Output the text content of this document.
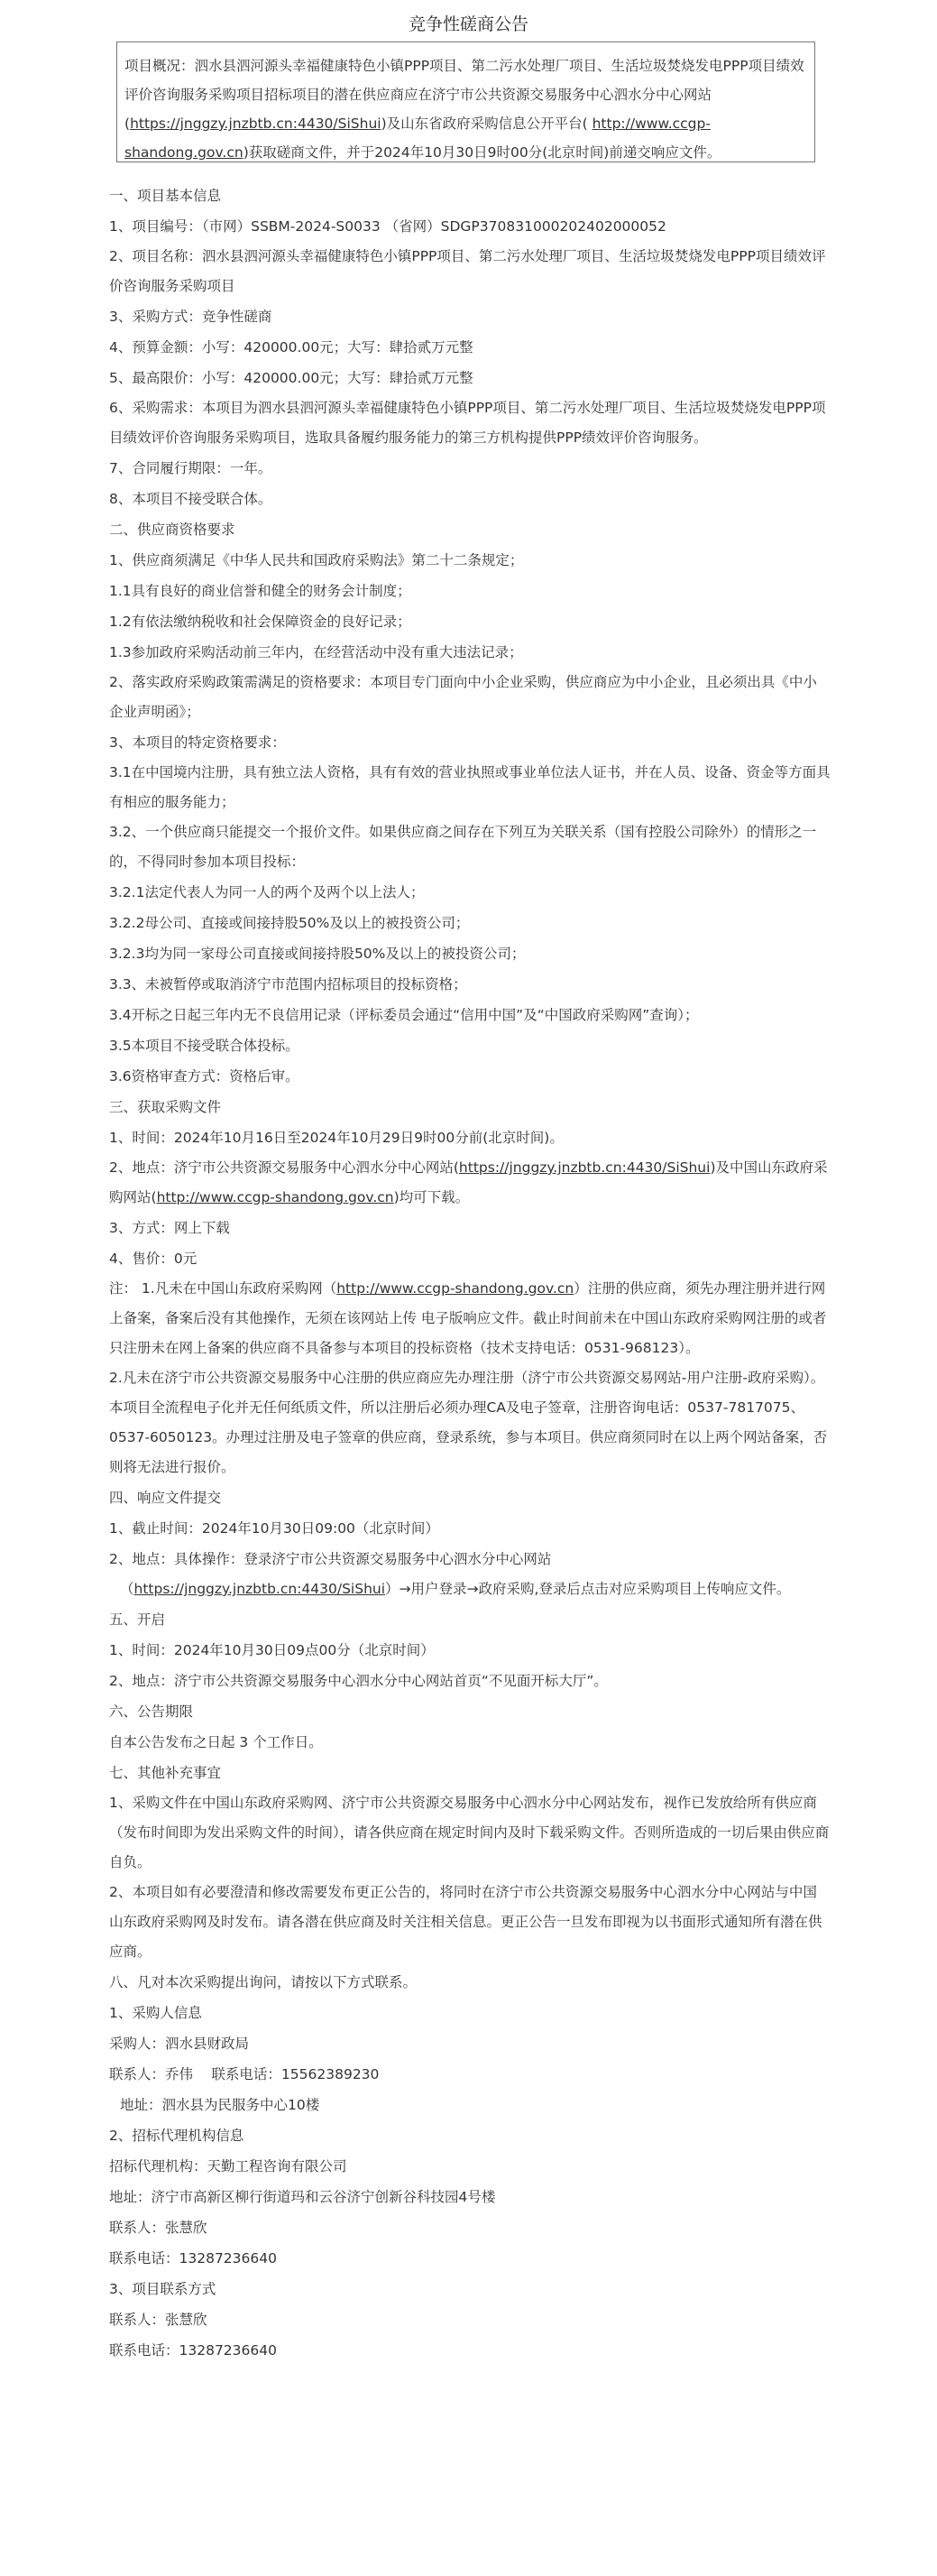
竞争性磋商公告
项目概况：泗水县泗河源头幸福健康特色小镇PPP项目、第二污水处理厂项目、生活垃圾焚烧发电PPP项目绩效评价咨询服务采购项目招标项目的潜在供应商应在济宁市公共资源交易服务中心泗水分中心网站(https://jnggzy.jnzbtb.cn:4430/SiShui)及山东省政府采购信息公开平台( http://www.ccgp-shandong.gov.cn)获取磋商文件，并于2024年10月30日9时00分(北京时间)前递交响应文件。

一、项目基本信息

1、项目编号：（市网）SSBM-2024-S0033 （省网）SDGP370831000202402000052

2、项目名称：泗水县泗河源头幸福健康特色小镇PPP项目、第二污水处理厂项目、生活垃圾焚烧发电PPP项目绩效评价咨询服务采购项目

3、采购方式：竞争性磋商

4、预算金额：小写：420000.00元；大写：肆拾贰万元整

5、最高限价：小写：420000.00元；大写：肆拾贰万元整

6、采购需求：本项目为泗水县泗河源头幸福健康特色小镇PPP项目、第二污水处理厂项目、生活垃圾焚烧发电PPP项目绩效评价咨询服务采购项目，选取具备履约服务能力的第三方机构提供PPP绩效评价咨询服务。

7、合同履行期限：一年。

8、本项目不接受联合体。

二、供应商资格要求

1、供应商须满足《中华人民共和国政府采购法》第二十二条规定；

1.1具有良好的商业信誉和健全的财务会计制度；

1.2有依法缴纳税收和社会保障资金的良好记录；

1.3参加政府采购活动前三年内，在经营活动中没有重大违法记录；

2、落实政府采购政策需满足的资格要求：本项目专门面向中小企业采购，供应商应为中小企业，且必须出具《中小企业声明函》；

3、本项目的特定资格要求：

3.1在中国境内注册，具有独立法人资格，具有有效的营业执照或事业单位法人证书，并在人员、设备、资金等方面具有相应的服务能力；

3.2、一个供应商只能提交一个报价文件。如果供应商之间存在下列互为关联关系（国有控股公司除外）的情形之一的，不得同时参加本项目投标：

3.2.1法定代表人为同一人的两个及两个以上法人；

3.2.2母公司、直接或间接持股50%及以上的被投资公司；

3.2.3均为同一家母公司直接或间接持股50%及以上的被投资公司；

3.3、未被暂停或取消济宁市范围内招标项目的投标资格；

3.4开标之日起三年内无不良信用记录（评标委员会通过“信用中国”及“中国政府采购网”查询）；

3.5本项目不接受联合体投标。

3.6资格审查方式：资格后审。

三、获取采购文件

1、时间：2024年10月16日至2024年10月29日9时00分前(北京时间)。

2、地点：济宁市公共资源交易服务中心泗水分中心网站(https://jnggzy.jnzbtb.cn:4430/SiShui)及中国山东政府采购网站(http://www.ccgp-shandong.gov.cn)均可下载。

3、方式：网上下载

4、售价：0元

注： 1.凡未在中国山东政府采购网（http://www.ccgp-shandong.gov.cn）注册的供应商，须先办理注册并进行网上备案，备案后没有其他操作，无须在该网站上传 电子版响应文件。截止时间前未在中国山东政府采购网注册的或者只注册未在网上备案的供应商不具备参与本项目的投标资格（技术支持电话：0531-968123）。

2.凡未在济宁市公共资源交易服务中心注册的供应商应先办理注册（济宁市公共资源交易网站-用户注册-政府采购）。本项目全流程电子化并无任何纸质文件，所以注册后必须办理CA及电子签章，注册咨询电话：0537-7817075、0537-6050123。办理过注册及电子签章的供应商，登录系统，参与本项目。供应商须同时在以上两个网站备案，否则将无法进行报价。

四、响应文件提交

1、截止时间：2024年10月30日09:00（北京时间）

2、地点：具体操作：登录济宁市公共资源交易服务中心泗水分中心网站

（https://jnggzy.jnzbtb.cn:4430/SiShui）→用户登录→政府采购,登录后点击对应采购项目上传响应文件。

五、开启

1、时间：2024年10月30日09点00分（北京时间）

2、地点：济宁市公共资源交易服务中心泗水分中心网站首页“不见面开标大厅”。

六、公告期限

自本公告发布之日起 3 个工作日。

七、其他补充事宜

1、采购文件在中国山东政府采购网、济宁市公共资源交易服务中心泗水分中心网站发布，视作已发放给所有供应商（发布时间即为发出采购文件的时间），请各供应商在规定时间内及时下载采购文件。否则所造成的一切后果由供应商自负。

2、本项目如有必要澄清和修改需要发布更正公告的，将同时在济宁市公共资源交易服务中心泗水分中心网站与中国山东政府采购网及时发布。请各潜在供应商及时关注相关信息。更正公告一旦发布即视为以书面形式通知所有潜在供应商。

八、凡对本次采购提出询问，请按以下方式联系。

1、采购人信息

采购人：泗水县财政局

联系人：乔伟　 联系电话：15562389230

地址：泗水县为民服务中心10楼

2、招标代理机构信息

招标代理机构：天勤工程咨询有限公司

地址：济宁市高新区柳行街道玛和云谷济宁创新谷科技园4号楼

联系人：张慧欣

联系电话：13287236640

3、项目联系方式

联系人：张慧欣

联系电话：13287236640
